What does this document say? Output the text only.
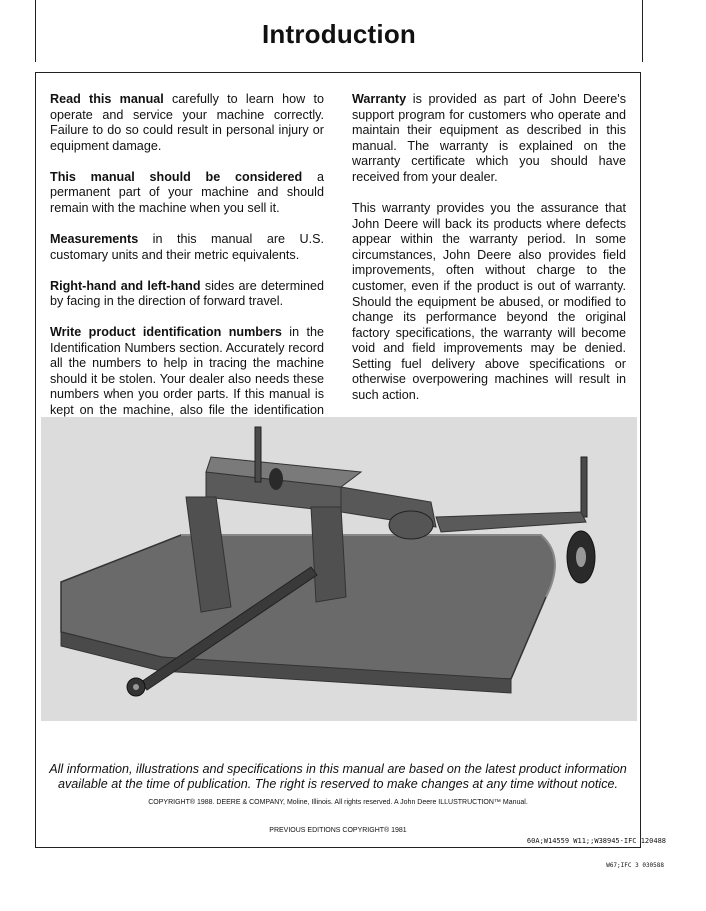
Introduction

Read this manual carefully to learn how to operate and service your machine correctly. Failure to do so could result in personal injury or equipment damage.

This manual should be considered a permanent part of your machine and should remain with the machine when you sell it.

Measurements in this manual are U.S. customary units and their metric equivalents.

Right-hand and left-hand sides are determined by facing in the direction of forward travel.

Write product identification numbers in the Identification Numbers section. Accurately record all the numbers to help in tracing the machine should it be stolen. Your dealer also needs these numbers when you order parts. If this manual is kept on the machine, also file the identification

Warranty is provided as part of John Deere's support program for customers who operate and maintain their equipment as described in this manual. The warranty is explained on the warranty certificate which you should have received from your dealer.

This warranty provides you the assurance that John Deere will back its products where defects appear within the warranty period. In some circumstances, John Deere also provides field improvements, often without charge to the customer, even if the product is out of warranty. Should the equipment be abused, or modified to change its performance beyond the original factory specifications, the warranty will become void and field improvements may be denied. Setting fuel delivery above specifications or otherwise overpowering machines will result in such action.

All information, illustrations and specifications in this manual are based on the latest product information available at the time of publication. The right is reserved to make changes at any time without notice.

COPYRIGHT® 1988. DEERE & COMPANY, Moline, Illinois. All rights reserved. A John Deere ILLUSTRUCTION™ Manual.

PREVIOUS EDITIONS COPYRIGHT® 1981

60A;W14559 W11;;W38945-IFC 120488

W67;IFC 3 030588
